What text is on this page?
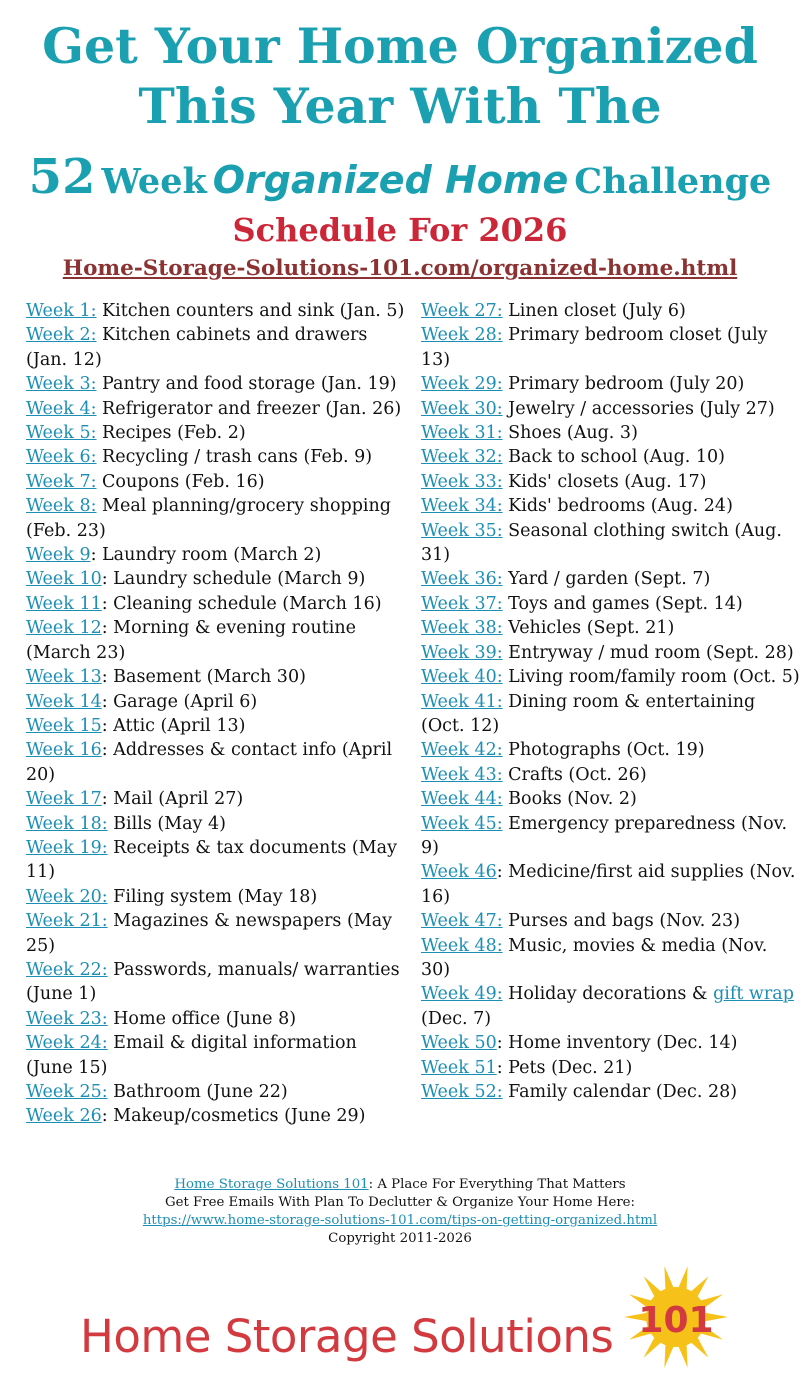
Get Your Home Organized
This Year With The
52 Week Organized Home Challenge
Schedule For 2026
Home-Storage-Solutions-101.com/organized-home.html

Week 1: Kitchen counters and sink (Jan. 5)

Week 2: Kitchen cabinets and drawers (Jan. 12)

Week 3: Pantry and food storage (Jan. 19)

Week 4: Refrigerator and freezer (Jan. 26)

Week 5: Recipes (Feb. 2)

Week 6: Recycling / trash cans (Feb. 9)

Week 7: Coupons (Feb. 16)

Week 8: Meal planning/grocery shopping (Feb. 23)

Week 9: Laundry room (March 2)

Week 10: Laundry schedule (March 9)

Week 11: Cleaning schedule (March 16)

Week 12: Morning & evening routine (March 23)

Week 13: Basement (March 30)

Week 14: Garage (April 6)

Week 15: Attic (April 13)

Week 16: Addresses & contact info (April 20)

Week 17: Mail (April 27)

Week 18: Bills (May 4)

Week 19: Receipts & tax documents (May 11)

Week 20: Filing system (May 18)

Week 21: Magazines & newspapers (May 25)

Week 22: Passwords, manuals/ warranties (June 1)

Week 23: Home office (June 8)

Week 24: Email & digital information (June 15)

Week 25: Bathroom (June 22)

Week 26: Makeup/cosmetics (June 29)

Week 27: Linen closet (July 6)

Week 28: Primary bedroom closet (July 13)

Week 29: Primary bedroom (July 20)

Week 30: Jewelry / accessories (July 27)

Week 31: Shoes (Aug. 3)

Week 32: Back to school (Aug. 10)

Week 33: Kids' closets (Aug. 17)

Week 34: Kids' bedrooms (Aug. 24)

Week 35: Seasonal clothing switch (Aug. 31)

Week 36: Yard / garden (Sept. 7)

Week 37: Toys and games (Sept. 14)

Week 38: Vehicles (Sept. 21)

Week 39: Entryway / mud room (Sept. 28)

Week 40: Living room/family room (Oct. 5)

Week 41: Dining room & entertaining (Oct. 12)

Week 42: Photographs (Oct. 19)

Week 43: Crafts (Oct. 26)

Week 44: Books (Nov. 2)

Week 45: Emergency preparedness (Nov. 9)

Week 46: Medicine/first aid supplies (Nov. 16)

Week 47: Purses and bags (Nov. 23)

Week 48: Music, movies & media (Nov. 30)

Week 49: Holiday decorations & gift wrap (Dec. 7)

Week 50: Home inventory (Dec. 14)

Week 51: Pets (Dec. 21)

Week 52: Family calendar (Dec. 28)

Home Storage Solutions 101: A Place For Everything That Matters
Get Free Emails With Plan To Declutter & Organize Your Home Here:
https://www.home-storage-solutions-101.com/tips-on-getting-organized.html
Copyright 2011-2026
Home Storage Solutions 101
